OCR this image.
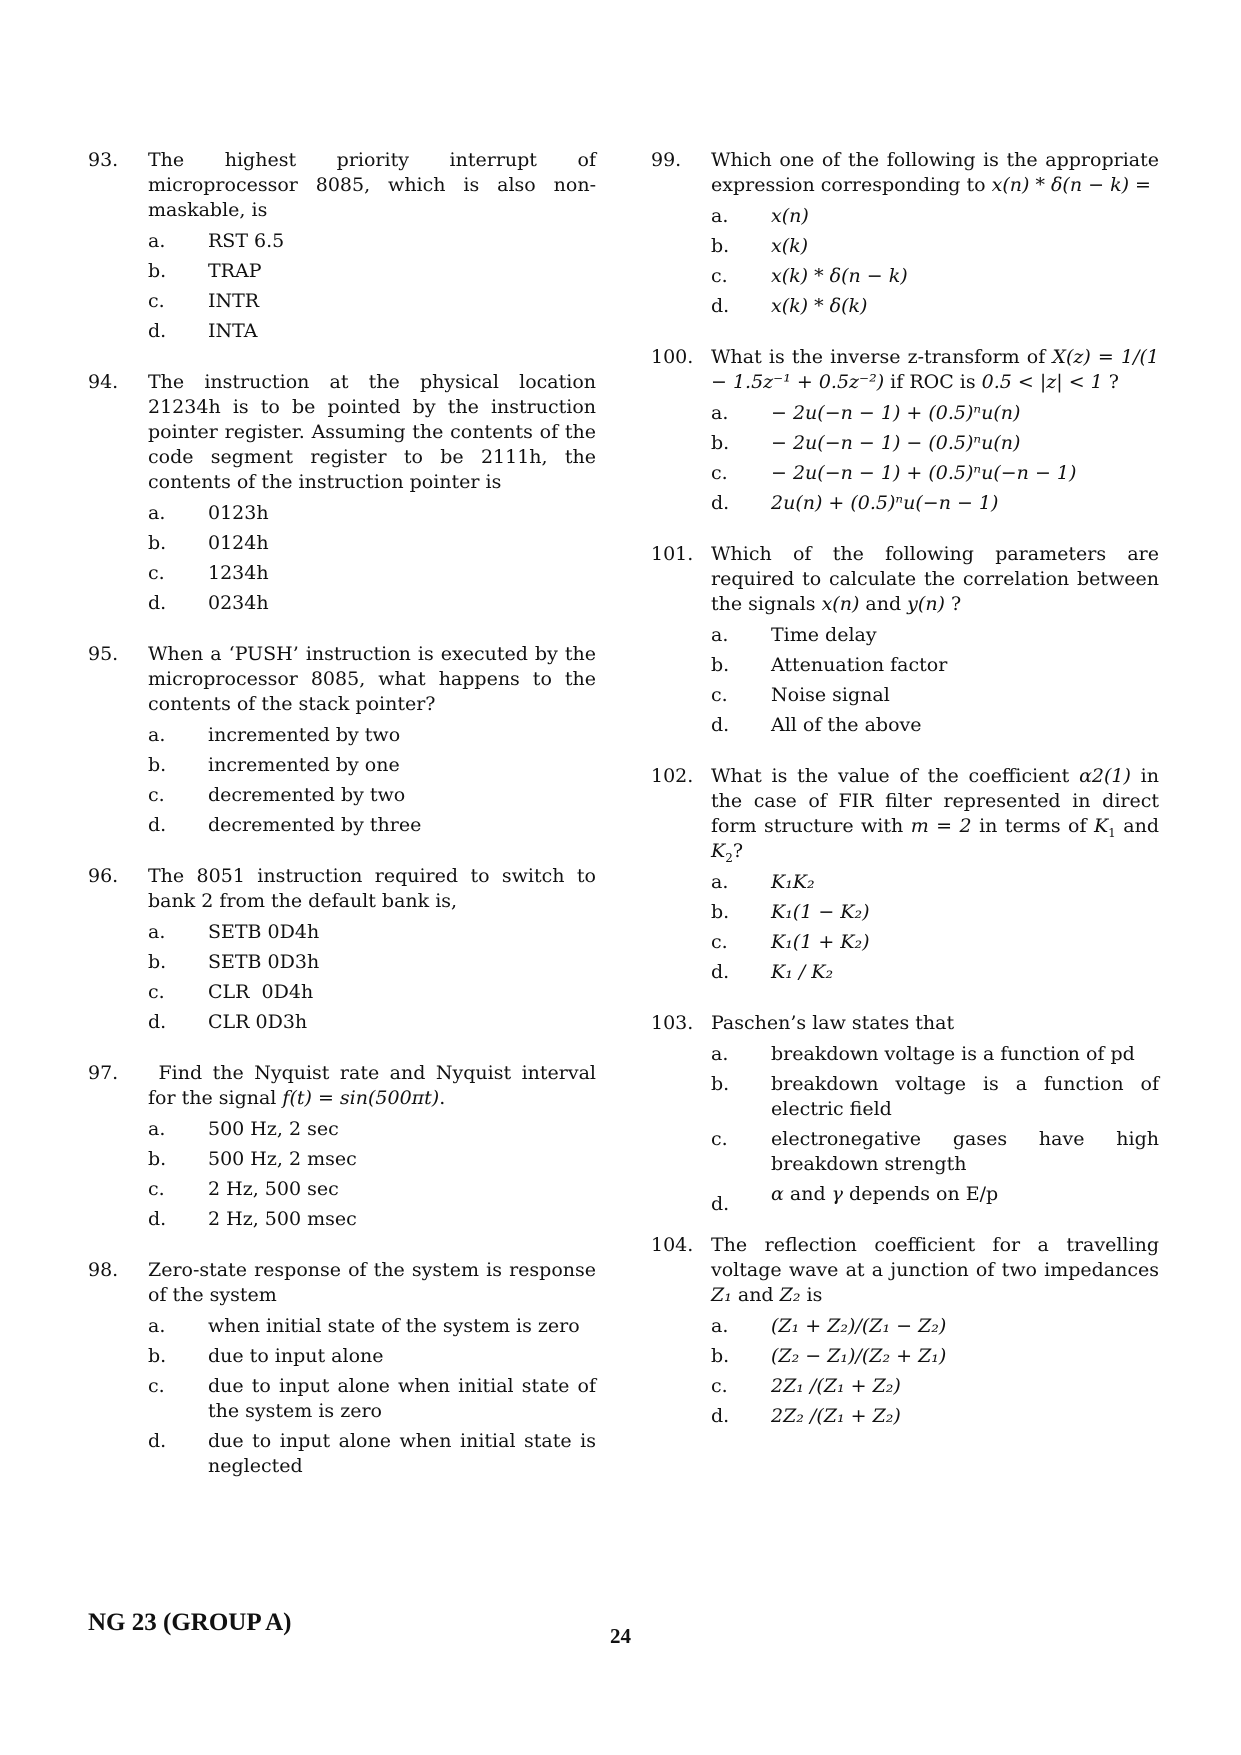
93. The highest priority interrupt of microprocessor 8085, which is also non-maskable, is
a. RST 6.5
b. TRAP
c. INTR
d. INTA
94. The instruction at the physical location 21234h is to be pointed by the instruction pointer register. Assuming the contents of the code segment register to be 2111h, the contents of the instruction pointer is
a. 0123h
b. 0124h
c. 1234h
d. 0234h
95. When a ‘PUSH’ instruction is executed by the microprocessor 8085, what happens to the contents of the stack pointer?
a. incremented by two
b. incremented by one
c. decremented by two
d. decremented by three
96. The 8051 instruction required to switch to bank 2 from the default bank is,
a. SETB 0D4h
b. SETB 0D3h
c. CLR  0D4h
d. CLR 0D3h
97.	Find the Nyquist rate and Nyquist interval for the signal f(t) = sin(500πt).
a. 500 Hz, 2 sec
b. 500 Hz, 2 msec
c. 2 Hz, 500 sec
d. 2 Hz, 500 msec
98. Zero-state response of the system is response of the system
a. when initial state of the system is zero
b. due to input alone
c. due to input alone when initial state of the system is zero
d. due to input alone when initial state is neglected
99. Which one of the following is the appropriate expression corresponding to x(n) * δ(n − k) =
a. x(n)
b. x(k)
c. x(k) * δ(n − k)
d. x(k) * δ(k)
100. What is the inverse z-transform of X(z) = 1/(1 − 1.5z⁻¹ + 0.5z⁻²) if ROC is 0.5 < |z| < 1 ?
a. − 2u(−n − 1) + (0.5)ⁿu(n)
b. − 2u(−n − 1) − (0.5)ⁿu(n)
c. − 2u(−n − 1) + (0.5)ⁿu(−n − 1)
d. 2u(n) + (0.5)ⁿu(−n − 1)
101. Which of the following parameters are required to calculate the correlation between the signals x(n) and y(n) ?
a. Time delay
b. Attenuation factor
c. Noise signal
d. All of the above
102. What is the value of the coefficient α2(1) in the case of FIR filter represented in direct form structure with m = 2 in terms of $K_1$ and $K_2$?
a. K₁K₂
b. K₁(1 − K₂)
c. K₁(1 + K₂)
d. K₁ / K₂
103. Paschen’s law states that
a. breakdown voltage is a function of pd
b. breakdown voltage is a function of electric field
c. electronegative gases have high breakdown strength
d. α and γ depends on E/p
104. The reflection coefficient for a travelling voltage wave at a junction of two impedances Z₁ and Z₂ is
a. (Z₁ + Z₂)/(Z₁ − Z₂)
b. (Z₂ − Z₁)/(Z₂ + Z₁)
c. 2Z₁ /(Z₁ + Z₂)
d. 2Z₂ /(Z₁ + Z₂)
NG 23 (GROUP A)	24
